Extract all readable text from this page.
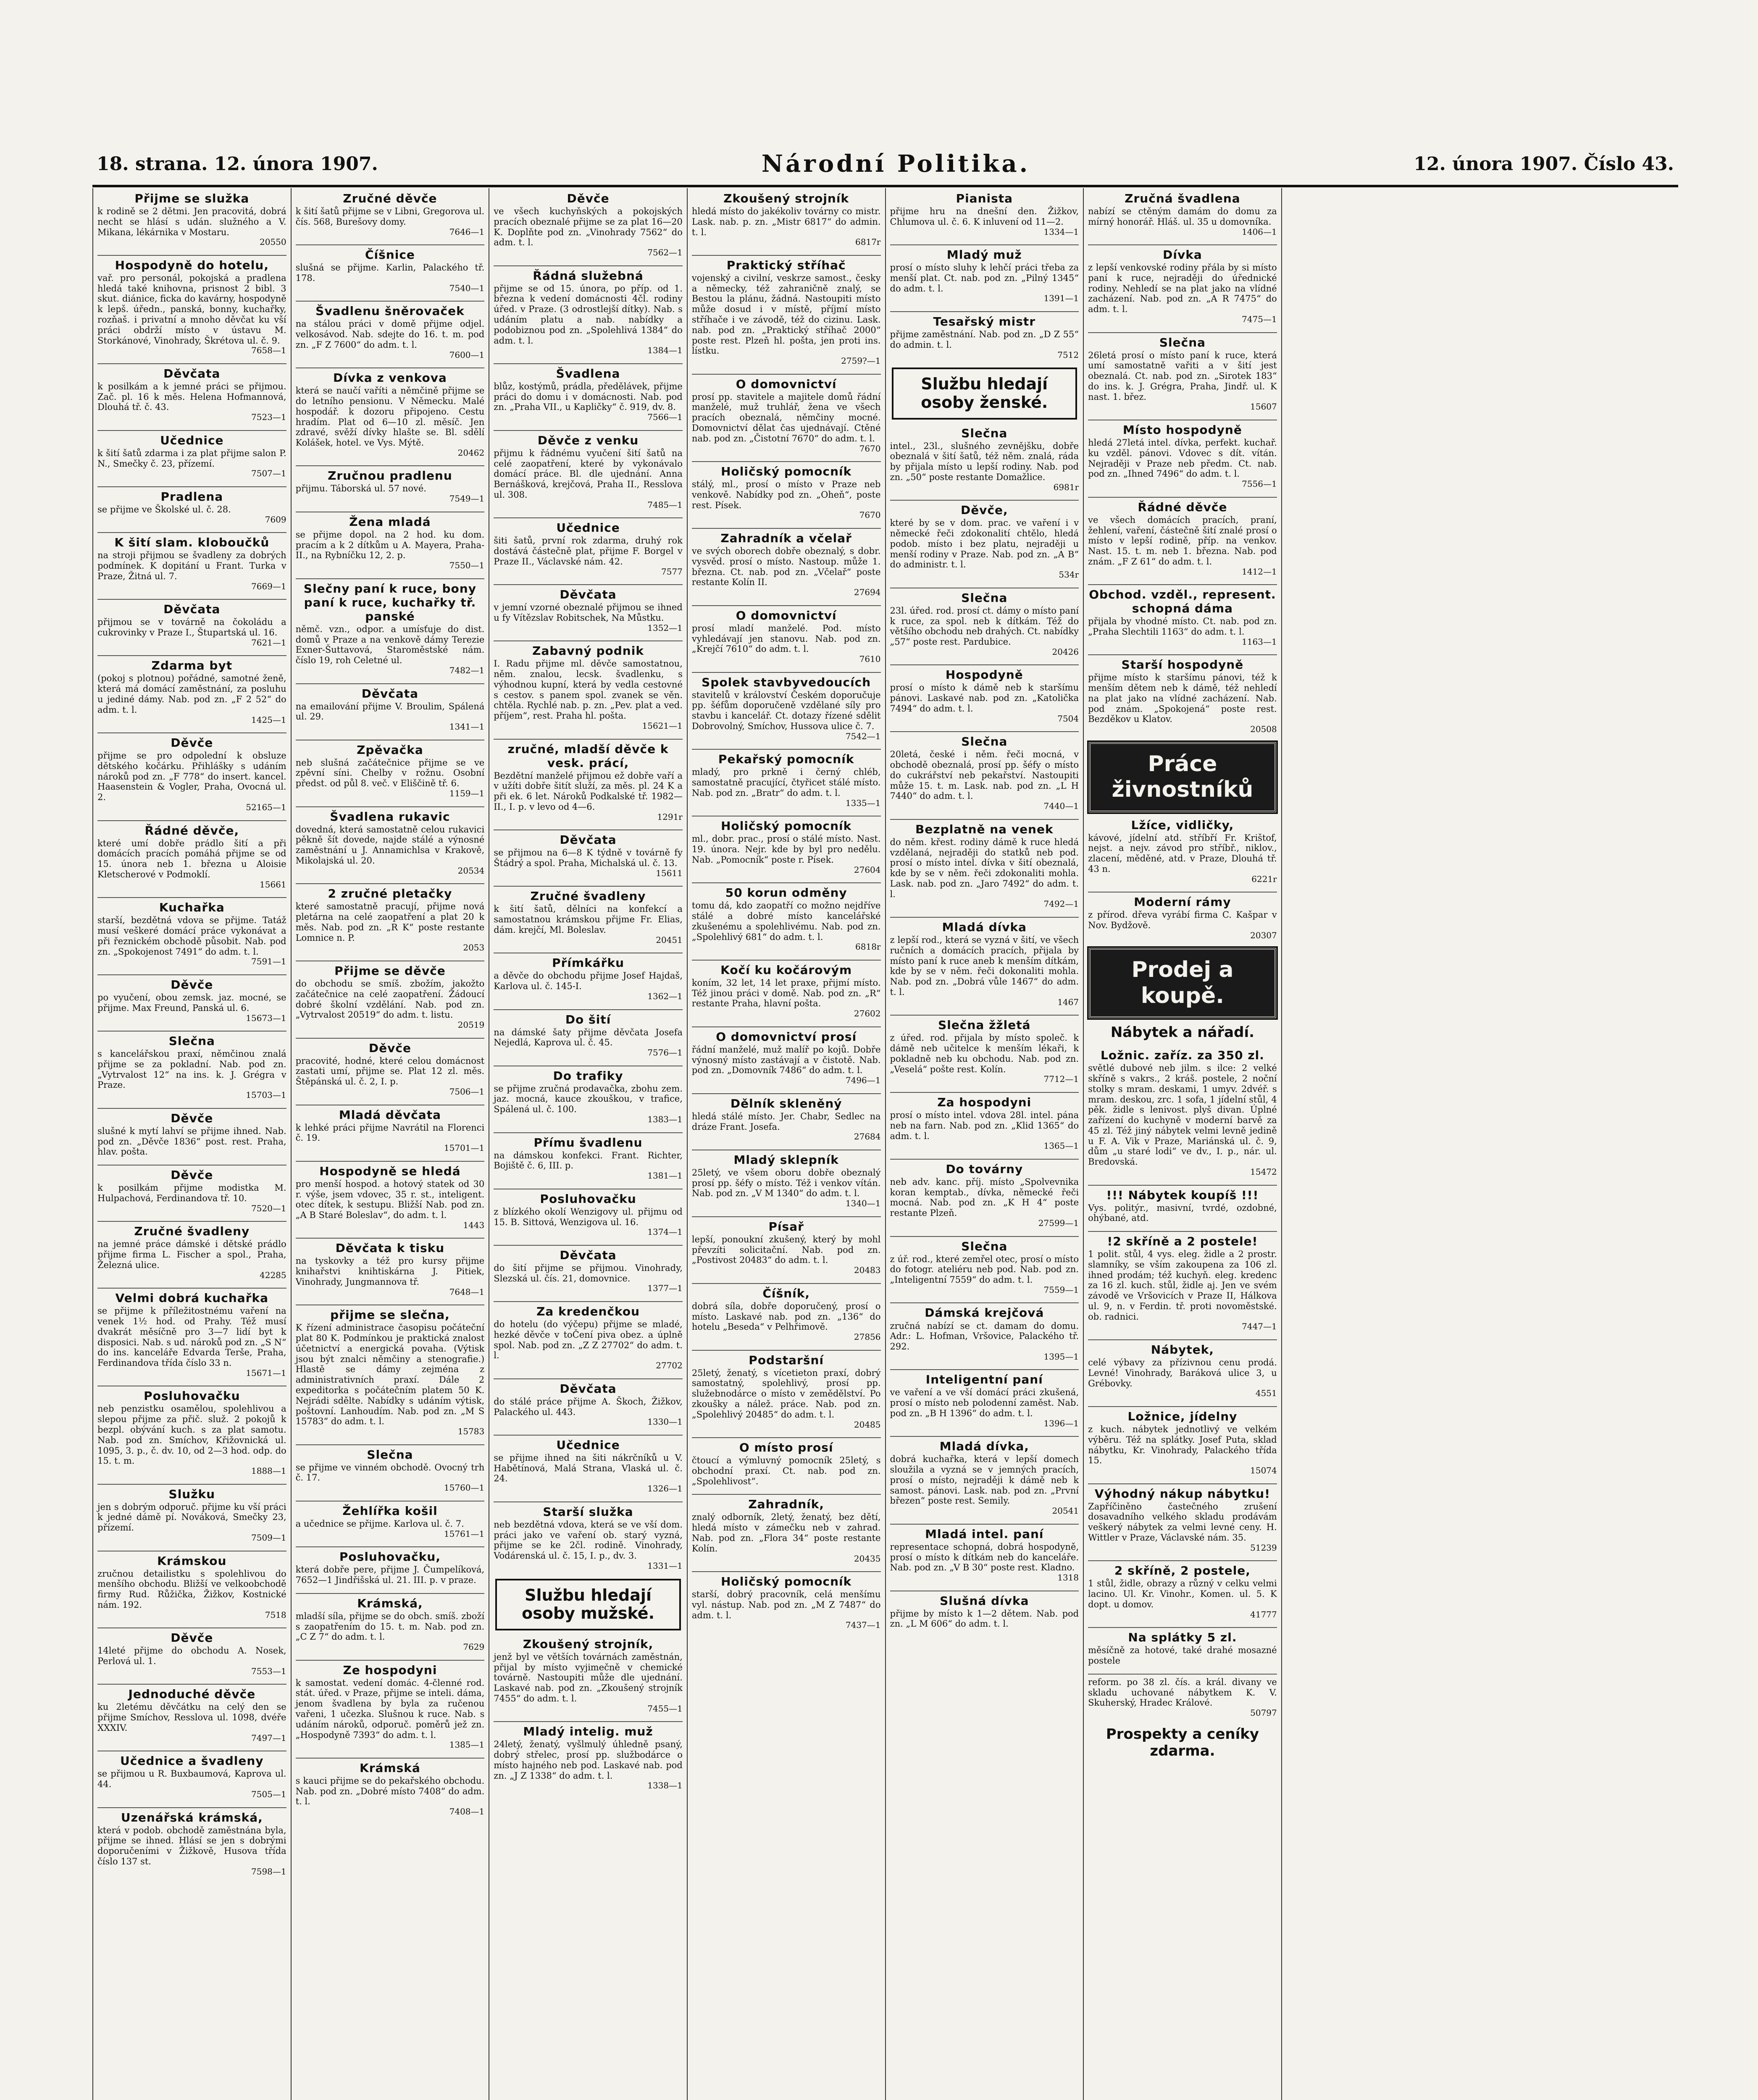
18. strana. 12. února 1907.	Národní Politika.	12. února 1907. Číslo 43.
Přijme se služka
k rodině se 2 dětmi. Jen pracovitá, dobrá necht se hlásí s udán. služného a V. Mikana, lékárnika v Mostaru.
20550
Hospodyně do hotelu,
vař. pro personál, pokojská a pradlena hledá také knihovna, prisnost 2 bibl. 3 skut. diánice, ficka do kavárny, hospodyně k lepš. úředn., panská, bonny, kuchařky, rozňaš. i privatní a mnoho děvčat ku vší práci obdrží místo v ústavu M. Storkánové, Vinohrady, Škrétova ul. č. 9.
7658—1
Děvčata
k posilkám a k jemné práci se přijmou. Zač. pl. 16 k měs. Helena Hofmannová, Dlouhá tř. č. 43.
7523—1
Učednice
k šití šatů zdarma i za plat přijme salon P. N., Smečky č. 23, přízemí.
7507—1
Pradlena
se přijme ve Školské ul. č. 28.
7609
K šití slam. kloboučků
na stroji přijmou se švadleny za dobrých podmínek. K dopitání u Frant. Turka v Praze, Žitná ul. 7.
7669—1
Děvčata
přijmou se v továrně na čokoládu a cukrovinky v Praze I., Štupartská ul. 16.
7621—1
Zdarma byt
(pokoj s plotnou) pořádné, samotné ženě, která má domácí zaměstnání, za posluhu u jediné dámy. Nab. pod zn. „F 2 52“ do adm. t. l.
1425—1
Děvče
přijme se pro odpolední k obsluze dětského kočárku. Přihlášky s udáním nároků pod zn. „F 778“ do insert. kancel. Haasenstein & Vogler, Praha, Ovocná ul. 2.
52165—1
Řádné děvče,
které umí dobře prádlo šití a při domácích pracích pomáhá přijme se od 15. února neb 1. března u Aloisie Kletscherové v Podmoklí.
15661
Kuchařka
starší, bezdětná vdova se přijme. Tatáž musí veškeré domácí práce vykonávat a při řeznickém obchodě působit. Nab. pod zn. „Spokojenost 7491“ do adm. t. l.
7591—1
Děvče
po vyučení, obou zemsk. jaz. mocné, se přijme. Max Freund, Panská ul. 6.
15673—1
Slečna
s kancelářskou praxí, němčinou znalá přijme se za pokladní. Nab. pod zn. „Vytrvalost 12“ na ins. k. J. Grégra v Praze.
15703—1
Děvče
slušné k mytí lahví se přijme ihned. Nab. pod zn. „Děvče 1836“ post. rest. Praha, hlav. pošta.
Děvče
k posilkám přijme modistka M. Hulpachová, Ferdinandova tř. 10.
7520—1
Zručné švadleny
na jemné práce dámské i dětské prádlo přijme firma L. Fischer a spol., Praha, Železná ulice.
42285
Velmi dobrá kuchařka
se přijme k příležitostnému vaření na venek 1½ hod. od Prahy. Též musí dvakrát měsíčně pro 3—7 lidí byt k disposici. Nab. s ud. nároků pod zn. „S N“ do ins. kanceláře Edvarda Terše, Praha, Ferdinandova třída číslo 33 n.
15671—1
Posluhovačku
neb penzistku osamělou, spolehlivou a slepou přijme za přič. služ. 2 pokojů k bezpl. obývání kuch. s za plat samotu. Nab. pod zn. Smíchov, Křižovnická ul. 1095, 3. p., č. dv. 10, od 2—3 hod. odp. do 15. t. m.
1888—1
Služku
jen s dobrým odporuč. přijme ku vší práci k jedné dámě pí. Nováková, Smečky 23, přízemí.
7509—1
Krámskou
zručnou detailistku s spolehlivou do menšího obchodu. Bližší ve velkoobchodě firmy Rud. Růžička, Žižkov, Kostnické nám. 192.
7518
Děvče
14leté přijme do obchodu A. Nosek, Perlová ul. 1.
7553—1
Jednoduché děvče
ku 2letému děvčátku na celý den se přijme Smíchov, Resslova ul. 1098, dvéře XXXIV.
7497—1
Učednice a švadleny
se přijmou u R. Buxbaumová, Kaprova ul. 44.
7505—1
Uzenářská krámská,
která v podob. obchodě zaměstnána byla, přijme se ihned. Hlásí se jen s dobrými doporučeními v Žižkově, Husova třída číslo 137 st.
7598—1
Zručné děvče
k šití šatů přijme se v Libni, Gregorova ul. čís. 568, Burešovy domy.
7646—1
Číšnice
slušná se přijme. Karlin, Palackého tř. 178.
7540—1
Švadlenu šněrovaček
na stálou práci v domě přijme odjel. velkosávod. Nab. sdejte do 16. t. m. pod zn. „F Z 7600“ do adm. t. l.
7600—1
Dívka z venkova
která se naučí vaříti a němčině přijme se do letního pensionu. V Německu. Malé hospodář. k dozoru připojeno. Cestu hradím. Plat od 6—10 zl. měsíč. Jen zdravé, svěží dívky hlašte se. Bl. sdělí Kolášek, hotel. ve Vys. Mýtě.
20462
Zručnou pradlenu
přijmu. Táborská ul. 57 nové.
7549—1
Žena mladá
se přijme dopol. na 2 hod. ku dom. pracím a k 2 dítkům u A. Mayera, Praha-II., na Rybníčku 12, 2. p.
7550—1
Slečny paní k ruce, bony paní k ruce, kuchařky tř. panské
němč. vzn., odpor. a umísťuje do dist. domů v Praze a na venkově dámy Terezie Exner-Šuttavová, Staroměstské nám. číslo 19, roh Celetné ul.
7482—1
Děvčata
na emailování přijme V. Broulim, Spálená ul. 29.
1341—1
Zpěvačka
neb slušná začátečnice přijme se ve zpěvní síni. Chelby v rožnu. Osobní předst. od půl 8. več. v Eliščině tř. 6.
1159—1
Švadlena rukavic
dovedná, která samostatně celou rukavici pěkně šít dovede, najde stálé a výnosné zaměstnání u J. Annamichlsa v Krakově, Mikolajská ul. 20.
20534
2 zručné pletačky
které samostatně pracují, přijme nová pletárna na celé zaopatření a plat 20 k měs. Nab. pod zn. „R K“ poste restante Lomnice n. P.
2053
Přijme se děvče
do obchodu se smíš. zbožím, jakožto začátečnice na celé zaopatření. Žádoucí dobré školní vzdělání. Nab. pod zn. „Vytrvalost 20519“ do adm. t. listu.
20519
Děvče
pracovité, hodné, které celou domácnost zastati umí, přijme se. Plat 12 zl. měs. Štěpánská ul. č. 2, I. p.
7506—1
Mladá děvčata
k lehké práci přijme Navrátil na Florenci č. 19.
15701—1
Hospodyně se hledá
pro menší hospod. a hotový statek od 30 r. výše, jsem vdovec, 35 r. st., inteligent. otec dítek, k sestupu. Bližší Nab. pod zn. „A B Staré Boleslav“, do adm. t. l.
1443
Děvčata k tisku
na tyskovky a též pro kursy přijme knihařstvi knihtiskárna J. Pitiek, Vinohrady, Jungmannova tř.
7648—1
přijme se slečna,
K řízení administrace časopisu počáteční plat 80 K. Podmínkou je praktická znalost účetnictví a energická povaha. (Výtisk jsou být znalci němčiny a stenografie.) Hlastě se dámy zejména z administrativních praxí. Dále 2 expeditorka s počátečním platem 50 K. Nejrádi sdělte. Nabídky s udáním výtisk, poštovní. Lanhoudím. Nab. pod zn. „M S 15783“ do adm. t. l.
15783
Slečna
se přijme ve vinném obchodě. Ovocný trh č. 17.
15760—1
Žehlířka košil
a učednice se přijme. Karlova ul. č. 7.
15761—1
Posluhovačku,
která dobře pere, přijme J. Čumpelíková, 7652—1 Jindřišská ul. 21. III. p. v praze.
Krámská,
mladší síla, přijme se do obch. smíš. zboží s zaopatřením do 15. t. m. Nab. pod zn. „C Z 7“ do adm. t. l.
7629
Ze hospodyni
k samostat. vedení domác. 4-členné rod. stát. úřed. v Praze, přijme se inteli. dáma, jenom švadlena by byla za ručenou vařeni, 1 učezka. Slušnou k ruce. Nab. s udáním nároků, odporuč. poměrů jež zn. „Hospodyně 7393“ do adm. t. l.
1385—1
Krámská
s kauci přijme se do pekařského obchodu. Nab. pod zn. „Dobré místo 7408“ do adm. t. l.
7408—1
Děvče
ve všech kuchyňských a pokojských pracích obeznalé přijme se za plat 16—20 K. Doplňte pod zn. „Vinohrady 7562“ do adm. t. l.
7562—1
Řádná služebná
přijme se od 15. února, po příp. od 1. března k vedení domácnosti 4čl. rodiny úřed. v Praze. (3 odrostlejší dítky). Nab. s udáním platu a nab. nabídky a podobiznou pod zn. „Spolehlivá 1384“ do adm. t. l.
1384—1
Švadlena
blůz, kostýmů, prádla, předělávek, přijme práci do domu i v domácnosti. Nab. pod zn. „Praha VII., u Kapličky“ č. 919, dv. 8.
7566—1
Děvče z venku
přijmu k řádnému vyučení šití šatů na celé zaopatření, které by vykonávalo domácí práce. Bl. dle ujednání. Anna Bernášková, krejčová, Praha II., Resslova ul. 308.
7485—1
Učednice
šiti šatů, první rok zdarma, druhý rok dostává částečně plat, přijme F. Borgel v Praze II., Václavské nám. 42.
7577
Děvčata
v jemní vzorné obeznalé přijmou se ihned u fy Vítězslav Robitschek, Na Můstku.
1352—1
Zabavný podnik
I. Radu přijme ml. děvče samostatnou, něm. znalou, lecsk. švadlenku, s výhodnou kupní, která by vedla cestovné s cestov. s panem spol. zvanek se věn. chtěla. Rychlé nab. p. zn. „Pev. plat a ved. příjem“, rest. Praha hl. pošta.
15621—1
zručné, mladší děvče k vesk. prácí,
Bezdětní manželé přijmou ež dobře vaří a v užíti dobře šitít služí, za měs. pl. 24 K a při ek. 6 let. Nároků Podkalské tř. 1982—II., I. p. v levo od 4—6.
1291r
Děvčata
se přijmou na 6—8 K týdně v továrně fy Štádrý a spol. Praha, Michalská ul. č. 13.
15611
Zručné švadleny
k šití šatů, dělníci na konfekcí a samostatnou krámskou přijme Fr. Elias, dám. krejčí, Ml. Boleslav.
20451
Přímkářku
a děvče do obchodu přijme Josef Hajdaš, Karlova ul. č. 145-I.
1362—1
Do šití
na dámské šaty přijme děvčata Josefa Nejedlá, Kaprova ul. č. 45.
7576—1
Do trafiky
se přijme zručná prodavačka, zbohu zem. jaz. mocná, kauce zkouškou, v trafice, Spálená ul. č. 100.
1383—1
Přímu švadlenu
na dámskou konfekci. Frant. Richter, Bojiště č. 6, III. p.
1381—1
Posluhovačku
z blízkého okolí Wenzigovy ul. přijmu od 15. B. Sittová, Wenzigova ul. 16.
1374—1
Děvčata
do šití přijme se přijmou. Vinohrady, Slezská ul. čís. 21, domovnice.
1377—1
Za kredenčkou
do hotelu (do výčepu) přijme se mladé, hezké děvče v toČení piva obez. a úplně spol. Nab. pod zn. „Z Z 27702“ do adm. t. l.
27702
Děvčata
do stálé práce přijme A. Škoch, Žižkov, Palackého ul. 443.
1330—1
Učednice
se přijme ihned na šiti nákrčníků u V. Habětínová, Malá Strana, Vlaská ul. č. 24.
1326—1
Starší služka
neb bezdětná vdova, která se ve vší dom. práci jako ve vaření ob. starý vyzná, přijme se ke 2čl. rodině. Vinohrady, Vodárenská ul. č. 15, I. p., dv. 3.
1331—1
Službu hledají osoby mužské.
Zkoušený strojník,
jenž byl ve větších továrnách zaměstnán, přijal by místo vyjimečně v chemické továrně. Nastoupiti může dle ujednání. Laskavé nab. pod zn. „Zkoušený strojník 7455“ do adm. t. l.
7455—1
Mladý intelig. muž
24letý, ženatý, vyšlmulý úhledně psaný, dobrý střelec, prosí pp. službodárce o místo hajného neb pod. Laskavé nab. pod zn. „J Z 1338“ do adm. t. l.
1338—1
Zkoušený strojník
hledá místo do jakékoliv továrny co mistr. Lask. nab. p. zn. „Mistr 6817“ do admin. t. l.
6817r
Praktický stříhač
vojenský a civilní, veskrze samost., česky a německy, též zahraničně znalý, se Bestou la plánu, žádná. Nastoupiti místo může dosud i v místě, příjmí místo stříhače i ve závodě, též do cizinu. Lask. nab. pod zn. „Praktický stříhač 2000“ poste rest. Plzeň hl. pošta, jen proti ins. lístku.
2759?—1
O domovnictví
prosí pp. stavitele a majitele domů řádní manželé, muž truhlář, žena ve všech pracích obeznalá, němčiny mocné. Domovnictví dělat čas ujednávají. Ctěné nab. pod zn. „Čistotní 7670“ do adm. t. l.
7670
Holičský pomocník
stálý, ml., prosí o místo v Praze neb venkově. Nabídky pod zn. „Oheň“, poste rest. Písek.
7670
Zahradník a včelař
ve svých oborech dobře obeznalý, s dobr. vysvěd. prosí o místo. Nastoup. může 1. března. Ct. nab. pod zn. „Včelař“ poste restante Kolín II.
27694
O domovnictví
prosí mladí manželé. Pod. místo vyhledávají jen stanovu. Nab. pod zn. „Krejčí 7610“ do adm. t. l.
7610
Spolek stavbyvedoucích
stavitelů v království Českém doporučuje pp. šéfům doporučeně vzdělané síly pro stavbu i kancelář. Ct. dotazy řízené sdělit Dobrovolný, Smíchov, Hussova ulice č. 7.
7542—1
Pekařský pomocník
mladý, pro prkně i černý chléb, samostatně pracující, čtyřicet stálé místo. Nab. pod zn. „Bratr“ do adm. t. l.
1335—1
Holičský pomocník
ml., dobr. prac., prosí o stálé místo. Nast. 19. února. Nejr. kde by byl pro nedělu. Nab. „Pomocník“ poste r. Písek.
27604
50 korun odměny
tomu dá, kdo zaopatří co možno nejdříve stálé a dobré místo kancelářské zkušenému a spolehlivému. Nab. pod zn. „Spolehlivý 681“ do adm. t. l.
6818r
Kočí ku kočárovým
koním, 32 let, 14 let praxe, přijmí místo. Též jinou práci v domě. Nab. pod zn. „R“ restante Praha, hlavní pošta.
27602
O domovnictví prosí
řádní manželé, muž malíř po kojů. Dobře výnosný místo zastávají a v čistotě. Nab. pod zn. „Domovník 7486“ do adm. t. l.
7496—1
Dělník skleněný
hledá stálé místo. Jer. Chabr, Sedlec na dráze Frant. Josefa.
27684
Mladý sklepník
25letý, ve všem oboru dobře obeznalý prosí pp. šéfy o místo. Též i venkov vítán. Nab. pod zn. „V M 1340“ do adm. t. l.
1340—1
Písař
lepší, ponoukní zkušený, který by mohl převzíti solicitační. Nab. pod zn. „Postivost 20483“ do adm. t. l.
20483
Číšník,
dobrá síla, dobře doporučený, prosí o místo. Laskavé nab. pod zn. „136“ do hotelu „Beseda“ v Pelhřimově.
27856
Podstaršní
25letý, ženatý, s vícetieton praxí, dobrý samostatný, spolehlivý, prosí pp. služebnodárce o místo v zemědělství. Po zkoušky a nálež. práce. Nab. pod zn. „Spolehlivý 20485“ do adm. t. l.
20485
O místo prosí
čtoucí a výmluvný pomocník 25letý, s obchodní praxí. Ct. nab. pod zn. „Spolehlivost“.
Zahradník,
znalý odborník, 2letý, ženatý, bez dětí, hledá místo v zámečku neb v zahrad. Nab. pod zn. „Flora 34“ poste restante Kolín.
20435
Holičský pomocník
starší, dobrý pracovník, celá menšímu vyl. nástup. Nab. pod zn. „M Z 7487“ do adm. t. l.
7437—1
Pianista
přijme hru na dnešní den. Žižkov, Chlumova ul. č. 6. K inluvení od 11—2.
1334—1
Mladý muž
prosí o místo sluhy k lehčí práci třeba za menší plat. Ct. nab. pod zn. „Pilný 1345“ do adm. t. l.
1391—1
Tesařský mistr
přijme zaměstnání. Nab. pod zn. „D Z 55“ do admin. t. l.
7512
Službu hledají osoby ženské.
Slečna
intel., 23l., slušného zevnějšku, dobře obeznalá v šití šatů, též něm. znalá, ráda by přijala místo u lepší rodiny. Nab. pod zn. „50“ poste restante Domažlice.
6981r
Děvče,
které by se v dom. prac. ve vaření i v německé řeči zdokonalití chtělo, hledá podob. místo i bez platu, nejraději u menší rodiny v Praze. Nab. pod zn. „A B“ do administr. t. l.
534r
Slečna
23l. úřed. rod. prosí ct. dámy o místo paní k ruce, za spol. neb k dítkám. Též do většího obchodu neb drahých. Ct. nabídky „57“ poste rest. Pardubice.
20426
Hospodyně
prosí o místo k dámě neb k staršímu pánovi. Laskavé nab. pod zn. „Katolička 7494“ do adm. t. l.
7504
Slečna
20letá, české i něm. řeči mocná, v obchodě obeznalá, prosí pp. šéfy o místo do cukrářství neb pekařství. Nastoupiti může 15. t. m. Lask. nab. pod zn. „L H 7440“ do adm. t. l.
7440—1
Bezplatně na venek
do něm. křest. rodiny dámě k ruce hledá vzdělaná, nejraději do statků neb pod. prosí o místo intel. dívka v šití obeznalá, kde by se v něm. řeči zdokonaliti mohla. Lask. nab. pod zn. „Jaro 7492“ do adm. t. l.
7492—1
Mladá dívka
z lepší rod., která se vyzná v šití, ve všech ručních a domácích pracích, přijala by místo paní k ruce aneb k menším dítkám, kde by se v něm. řeči dokonaliti mohla. Nab. pod zn. „Dobrá vůle 1467“ do adm. t. l.
1467
Slečna žžletá
z úřed. rod. přijala by místo společ. k dámě neb učitelce k menším lékaři, k pokladně neb ku obchodu. Nab. pod zn. „Veselá“ pošte rest. Kolín.
7712—1
Za hospodyni
prosí o místo intel. vdova 28l. intel. pána neb na farn. Nab. pod zn. „Klid 1365“ do adm. t. l.
1365—1
Do továrny
neb adv. kanc. příj. místo „Spolvevnika koran kemptab., dívka, německé řeči mocná. Nab. pod zn. „K H 4“ poste restante Plzeň.
27599—1
Slečna
z úř. rod., které zemřel otec, prosí o místo do fotogr. ateliéru neb pod. Nab. pod zn. „Inteligentní 7559“ do adm. t. l.
7559—1
Dámská krejčová
zručná nabízí se ct. damam do domu. Adr.: L. Hofman, Vršovice, Palackého tř. 292.
1395—1
Inteligentní paní
ve vaření a ve vší domácí práci zkušená, prosí o místo neb polodenní zaměst. Nab. pod zn. „B H 1396“ do adm. t. l.
1396—1
Mladá dívka,
dobrá kuchařka, která v lepší domech sloužila a vyzná se v jemných pracích, prosí o místo, nejraději k dámě neb k samost. pánovi. Lask. nab. pod zn. „První březen“ poste rest. Semily.
20541
Mladá intel. paní
representace schopná, dobrá hospodyně, prosí o místo k dítkám neb do kanceláře. Nab. pod zn. „V B 30“ poste rest. Kladno.
1318
Slušná dívka
přijme by místo k 1—2 dětem. Nab. pod zn. „L M 606“ do adm. t. l.
Zručná švadlena
nabízí se ctěným damám do domu za mírný honorář. Hláš. ul. 35 u domovníka.
1406—1
Dívka
z lepší venkovské rodiny přála by si místo paní k ruce, nejraději do úřednické rodiny. Nehledí se na plat jako na vlídné zacházení. Nab. pod zn. „A R 7475“ do adm. t. l.
7475—1
Slečna
26letá prosí o místo paní k ruce, která umí samostatně vařiti a v šití jest obeznalá. Ct. nab. pod zn. „Sirotek 183“ do ins. k. J. Grégra, Praha, Jindř. ul. K nast. 1. břez.
15607
Místo hospodyně
hledá 27letá intel. dívka, perfekt. kuchař. ku vzděl. pánovi. Vdovec s dít. vítán. Nejraději v Praze neb předm. Ct. nab. pod zn. „Ihned 7496“ do adm. t. l.
7556—1
Řádné děvče
ve všech domácích pracích, praní, žehlení, vaření, částečně šití znalé prosí o místo v lepší rodině, příp. na venkov. Nast. 15. t. m. neb 1. března. Nab. pod znám. „F Z 61“ do adm. t. l.
1412—1
Obchod. vzděl., represent. schopná dáma
přijala by vhodné místo. Ct. nab. pod zn. „Praha Slechtili 1163“ do adm. t. l.
1163—1
Starší hospodyně
přijme místo k staršímu pánovi, též k menším dětem neb k dámě, též nehledí na plat jako na vlídné zacházení. Nab. pod znám. „Spokojená“ poste rest. Bezděkov u Klatov.
20508
Práce živnostníků
Lžíce, vidličky,
kávové, jídelní atd. stříbří Fr. Krištof, nejst. a nejv. závod pro stříbř., niklov., zlacení, měděné, atd. v Praze, Dlouhá tř. 43 n.
6221r
Moderní rámy
z přírod. dřeva vyrábí firma C. Kašpar v Nov. Bydžově.
20307
Prodej a koupě.
Nábytek a nářadí.
Ložnic. zaříz. za 350 zl.
světlé dubové neb jilm. s ilce: 2 velké skříně s vakrs., 2 kráš. postele, 2 noční stolky s mram. deskami, 1 umyv. 2dvéř. s mram. deskou, zrc. 1 sofa, 1 jídelní stůl, 4 pěk. židle s lenivost. plyš divan. Úplné zařízení do kuchyně v moderní barvě za 45 zl. Též jiný nábytek velmi levně jedině u F. A. Vik v Praze, Mariánská ul. č. 9, dům „u staré lodi“ ve dv., I. p., nár. ul. Bredovská.
15472
!!! Nábytek koupíš !!!
Vys. politýr., masivní, tvrdé, ozdobné, ohýbané, atd.
!2 skříně a 2 postele!
1 polit. stůl, 4 vys. eleg. židle a 2 prostr. slamníky, se vším zakoupena za 106 zl. ihned prodám; též kuchyň. eleg. kredenc za 16 zl. kuch. stůl, židle aj. Jen ve svém závodě ve Vršovicích v Praze II, Hálkova ul. 9, n. v Ferdin. tř. proti novoměstské. ob. radnici.
7447—1
Nábytek,
celé výbavy za přízivnou cenu prodá. Levné! Vinohrady, Baráková ulice 3, u Grébovky.
4551
Ložnice, jídelny
z kuch. nábytek jednotlivý ve velkém výběru. Též na splátky. Josef Puta, sklad nábytku, Kr. Vinohrady, Palackého třída 15.
15074
Výhodný nákup nábytku!
Zapříčiněno častečného zrušení dosavadního velkého skladu prodávám veškerý nábytek za velmi levné ceny. H. Wittler v Praze, Václavské nám. 35.
51239
2 skříně, 2 postele,
1 stůl, židle, obrazy a různý v celku velmi lacino. Ul. Kr. Vinohr., Komen. ul. 5. K dopt. u domov.
41777
Na splátky 5 zl.
měsíčně za hotové, také drahé mosazné postele
reform. po 38 zl. čís. a král. divany ve skladu uchované nábytkem K. V. Skuherský, Hradec Králové.
50797
Prospekty a ceníky zdarma.
